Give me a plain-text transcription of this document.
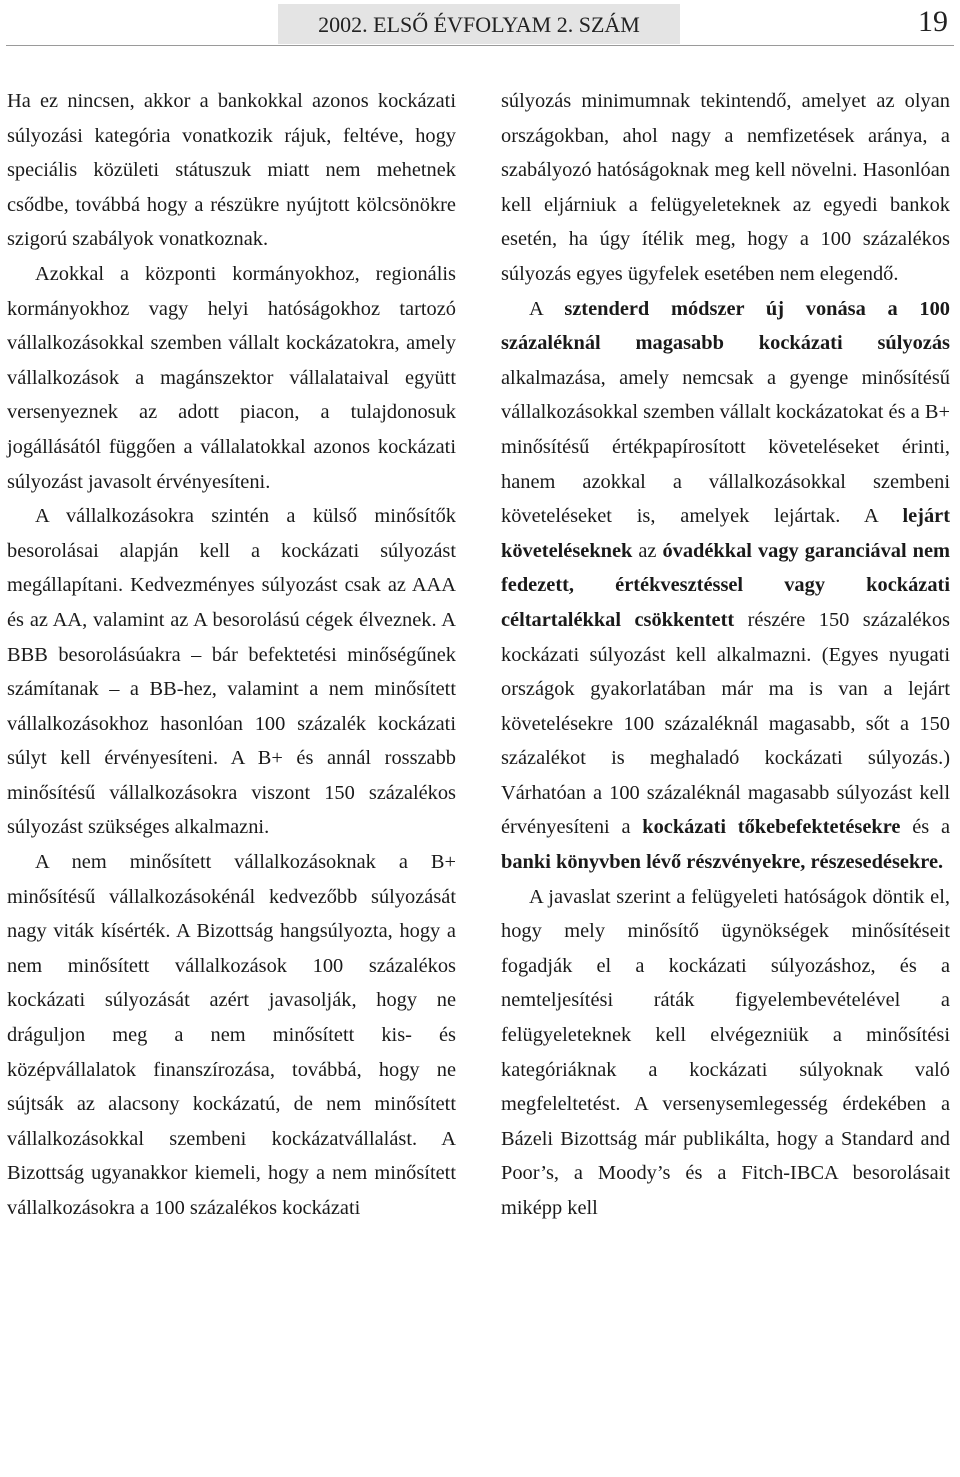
2002. ELSŐ ÉVFOLYAM 2. SZÁM	19

Ha ez nincsen, akkor a bankokkal azonos kockázati súlyozási kategória vonatkozik rájuk, feltéve, hogy speciális közületi státuszuk miatt nem mehetnek csődbe, továbbá hogy a részükre nyújtott kölcsönökre szigorú szabályok vonatkoznak.

Azokkal a központi kormányokhoz, regionális kormányokhoz vagy helyi hatóságokhoz tartozó vállalkozásokkal szemben vállalt kockázatokra, amely vállalkozások a magánszektor vállalataival együtt versenyeznek az adott piacon, a tulajdonosuk jogállásától függően a vállalatokkal azonos kockázati súlyozást javasolt érvényesíteni.

A vállalkozásokra szintén a külső minősítők besorolásai alapján kell a kockázati súlyozást megállapítani. Kedvezményes súlyozást csak az AAA és az AA, valamint az A besorolású cégek élveznek. A BBB besorolásúakra – bár befektetési minőségűnek számítanak – a BB-hez, valamint a nem minősített vállalkozásokhoz hasonlóan 100 százalék kockázati súlyt kell érvényesíteni. A B+ és annál rosszabb minősítésű vállalkozásokra viszont 150 százalékos súlyozást szükséges alkalmazni.

A nem minősített vállalkozásoknak a B+ minősítésű vállalkozásokénál kedvezőbb súlyozását nagy viták kísérték. A Bizottság hangsúlyozta, hogy a nem minősített vállalkozások 100 százalékos kockázati súlyozását azért javasolják, hogy ne dráguljon meg a nem minősített kis- és középvállalatok finanszírozása, továbbá, hogy ne sújtsák az alacsony kockázatú, de nem minősített vállalkozásokkal szembeni kockázatvállalást. A Bizottság ugyanakkor kiemeli, hogy a nem minősített vállalkozásokra a 100 százalékos kockázati

súlyozás minimumnak tekintendő, amelyet az olyan országokban, ahol nagy a nemfizetések aránya, a szabályozó hatóságoknak meg kell növelni. Hasonlóan kell eljárniuk a felügyeleteknek az egyedi bankok esetén, ha úgy ítélik meg, hogy a 100 százalékos súlyozás egyes ügyfelek esetében nem elegendő.

A sztenderd módszer új vonása a 100 százaléknál magasabb kockázati súlyozás alkalmazása, amely nemcsak a gyenge minősítésű vállalkozásokkal szemben vállalt kockázatokat és a B+ minősítésű értékpapírosított követeléseket érinti, hanem azokkal a vállalkozásokkal szembeni követeléseket is, amelyek lejártak. A lejárt követeléseknek az óvadékkal vagy garanciával nem fedezett, értékvesztéssel vagy kockázati céltartalékkal csökkentett részére 150 százalékos kockázati súlyozást kell alkalmazni. (Egyes nyugati országok gyakorlatában már ma is van a lejárt követelésekre 100 százaléknál magasabb, sőt a 150 százalékot is meghaladó kockázati súlyozás.) Várhatóan a 100 százaléknál magasabb súlyozást kell érvényesíteni a kockázati tőkebefektetésekre és a banki könyvben lévő részvényekre, részesedésekre.

A javaslat szerint a felügyeleti hatóságok döntik el, hogy mely minősítő ügynökségek minősítéseit fogadják el a kockázati súlyozáshoz, és a nemteljesítési ráták figyelembevételével a felügyeleteknek kell elvégezniük a minősítési kategóriáknak a kockázati súlyoknak való megfeleltetést. A versenysemlegesség érdekében a Bázeli Bizottság már publikálta, hogy a Standard and Poor’s, a Moody’s és a Fitch-IBCA besorolásait miképp kell
